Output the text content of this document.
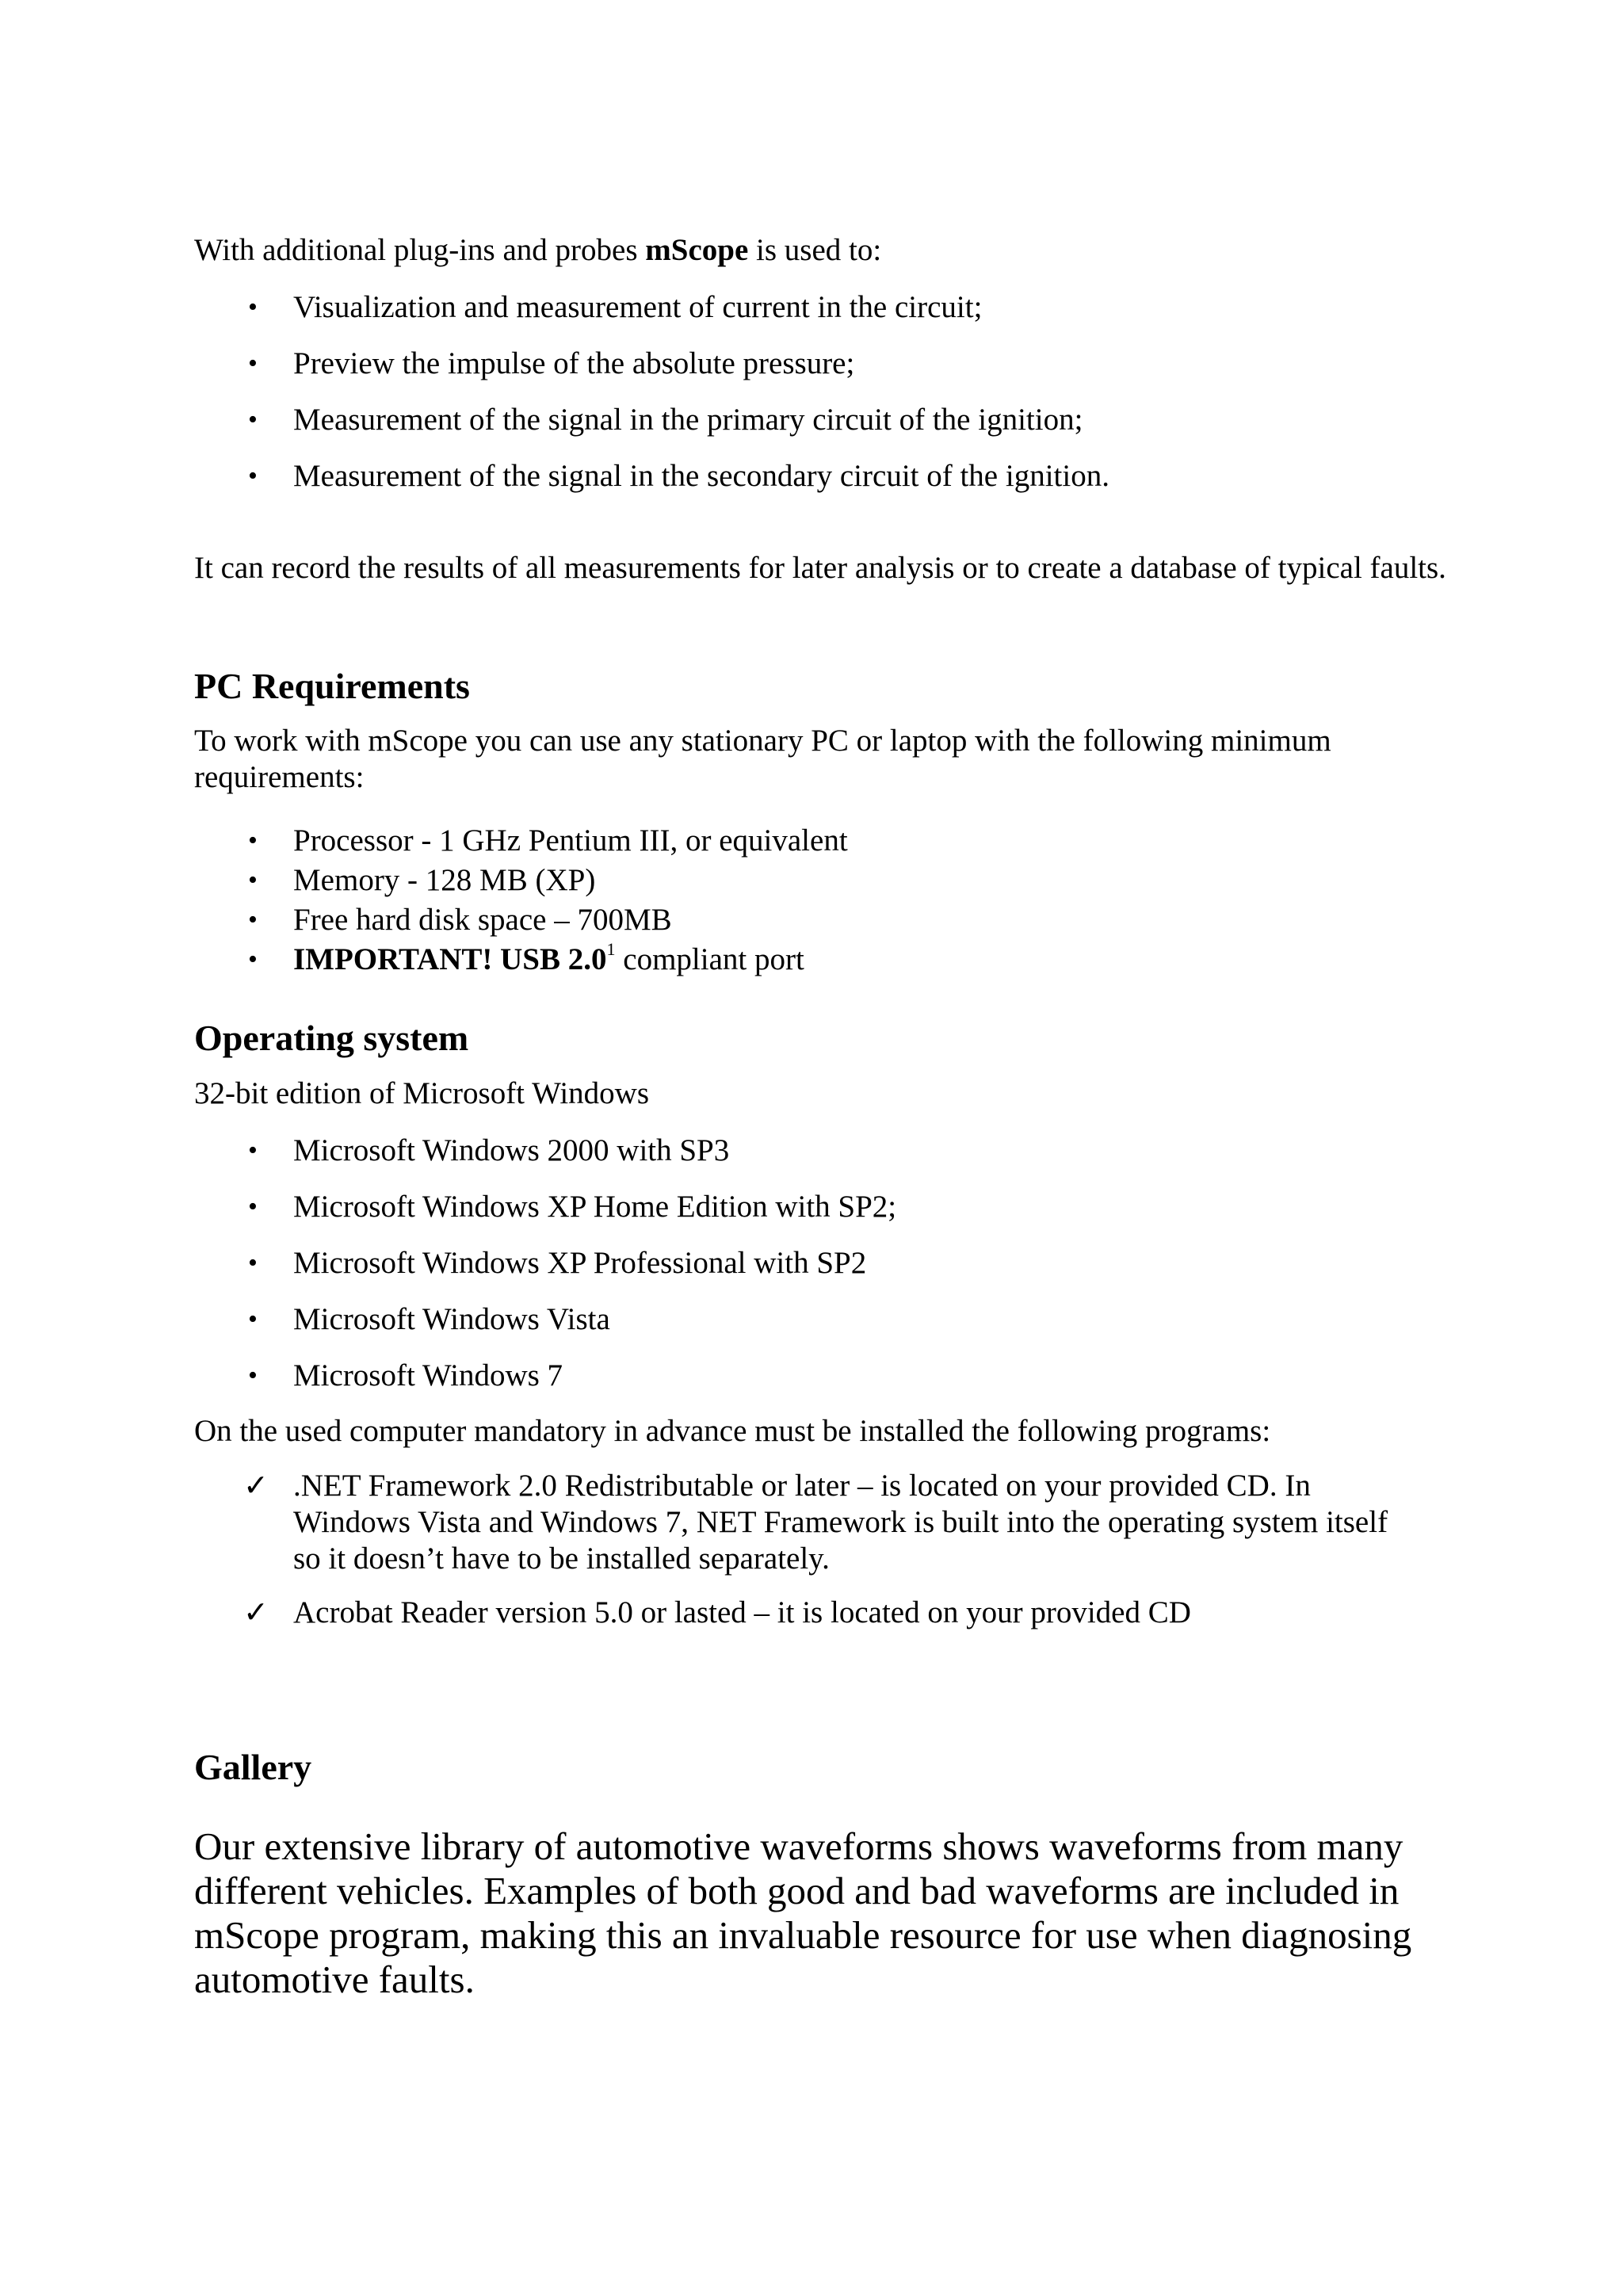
With additional plug-ins and probes mScope is used to:

• Visualization and measurement of current in the circuit;
• Preview the impulse of the absolute pressure;
• Measurement of the signal in the primary circuit of the ignition;
• Measurement of the signal in the secondary circuit of the ignition.

It can record the results of all measurements for later analysis or to create a database of typical faults.

PC Requirements

To work with mScope you can use any stationary PC or laptop with the following minimum requirements:

• Processor - 1 GHz Pentium III, or equivalent
• Memory - 128 MB (XP)
• Free hard disk space – 700MB
• IMPORTANT! USB $2.0^1$ compliant port
Operating system

32-bit edition of Microsoft Windows

• Microsoft Windows 2000 with SP3
• Microsoft Windows XP Home Edition with SP2;
• Microsoft Windows XP Professional with SP2
• Microsoft Windows Vista
• Microsoft Windows 7

On the used computer mandatory in advance must be installed the following programs:

✓ .NET Framework 2.0 Redistributable or later – is located on your provided CD. In Windows Vista and Windows 7, NET Framework is built into the operating system itself so it doesn’t have to be installed separately.
✓ Acrobat Reader version 5.0 or lasted – it is located on your provided CD
Gallery

Our extensive library of automotive waveforms shows waveforms from many different vehicles. Examples of both good and bad waveforms are included in mScope program, making this an invaluable resource for use when diagnosing automotive faults.
